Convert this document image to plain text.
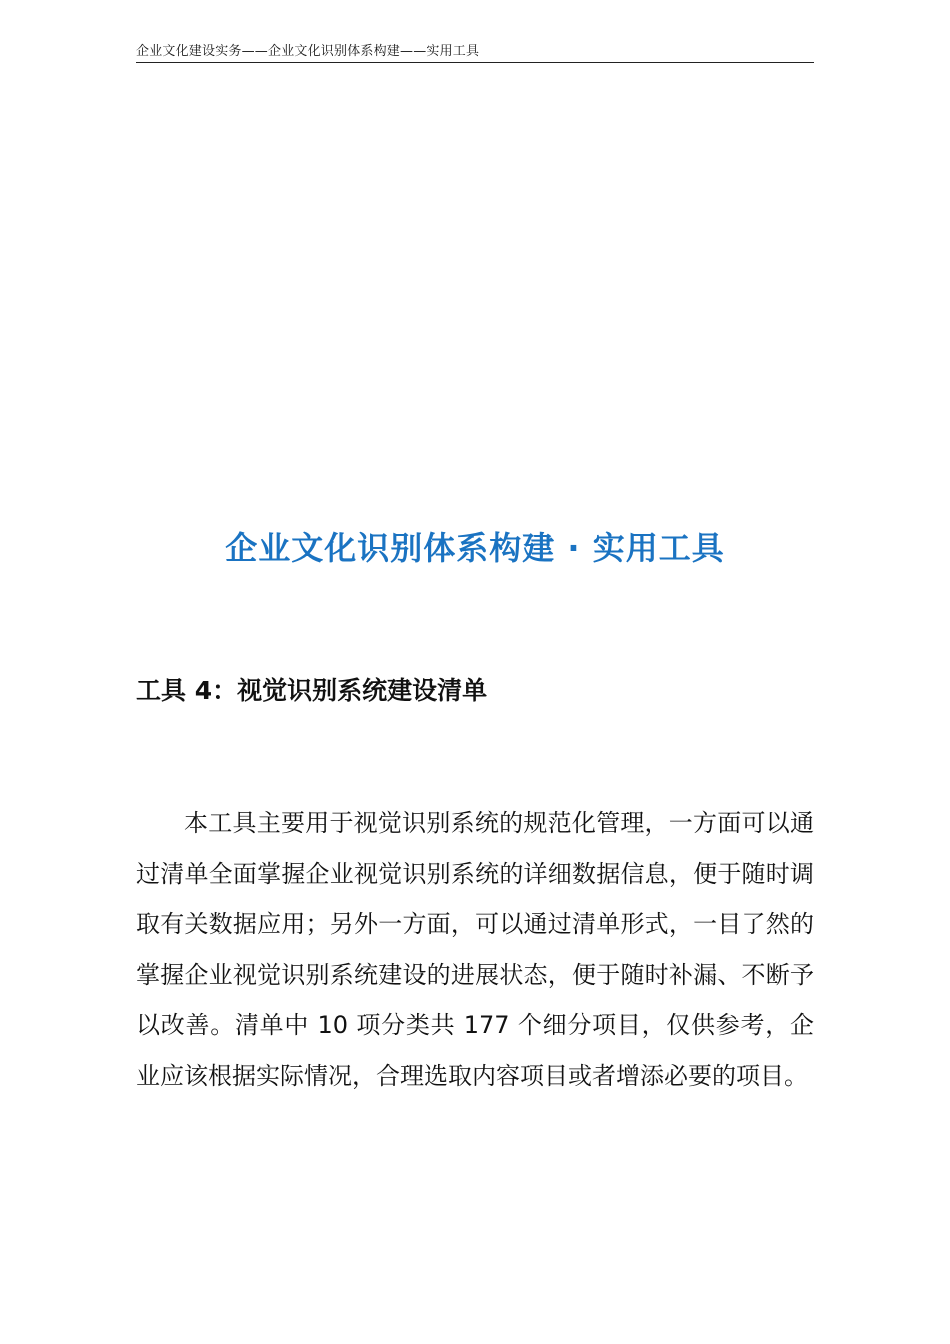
企业文化建设实务——企业文化识别体系构建——实用工具
企业文化识别体系构建 · 实用工具
工具 4：视觉识别系统建设清单

本工具主要用于视觉识别系统的规范化管理，一方面可以通过清单全面掌握企业视觉识别系统的详细数据信息，便于随时调取有关数据应用；另外一方面，可以通过清单形式，一目了然的掌握企业视觉识别系统建设的进展状态，便于随时补漏、不断予以改善。清单中 10 项分类共 177 个细分项目，仅供参考，企业应该根据实际情况，合理选取内容项目或者增添必要的项目。
